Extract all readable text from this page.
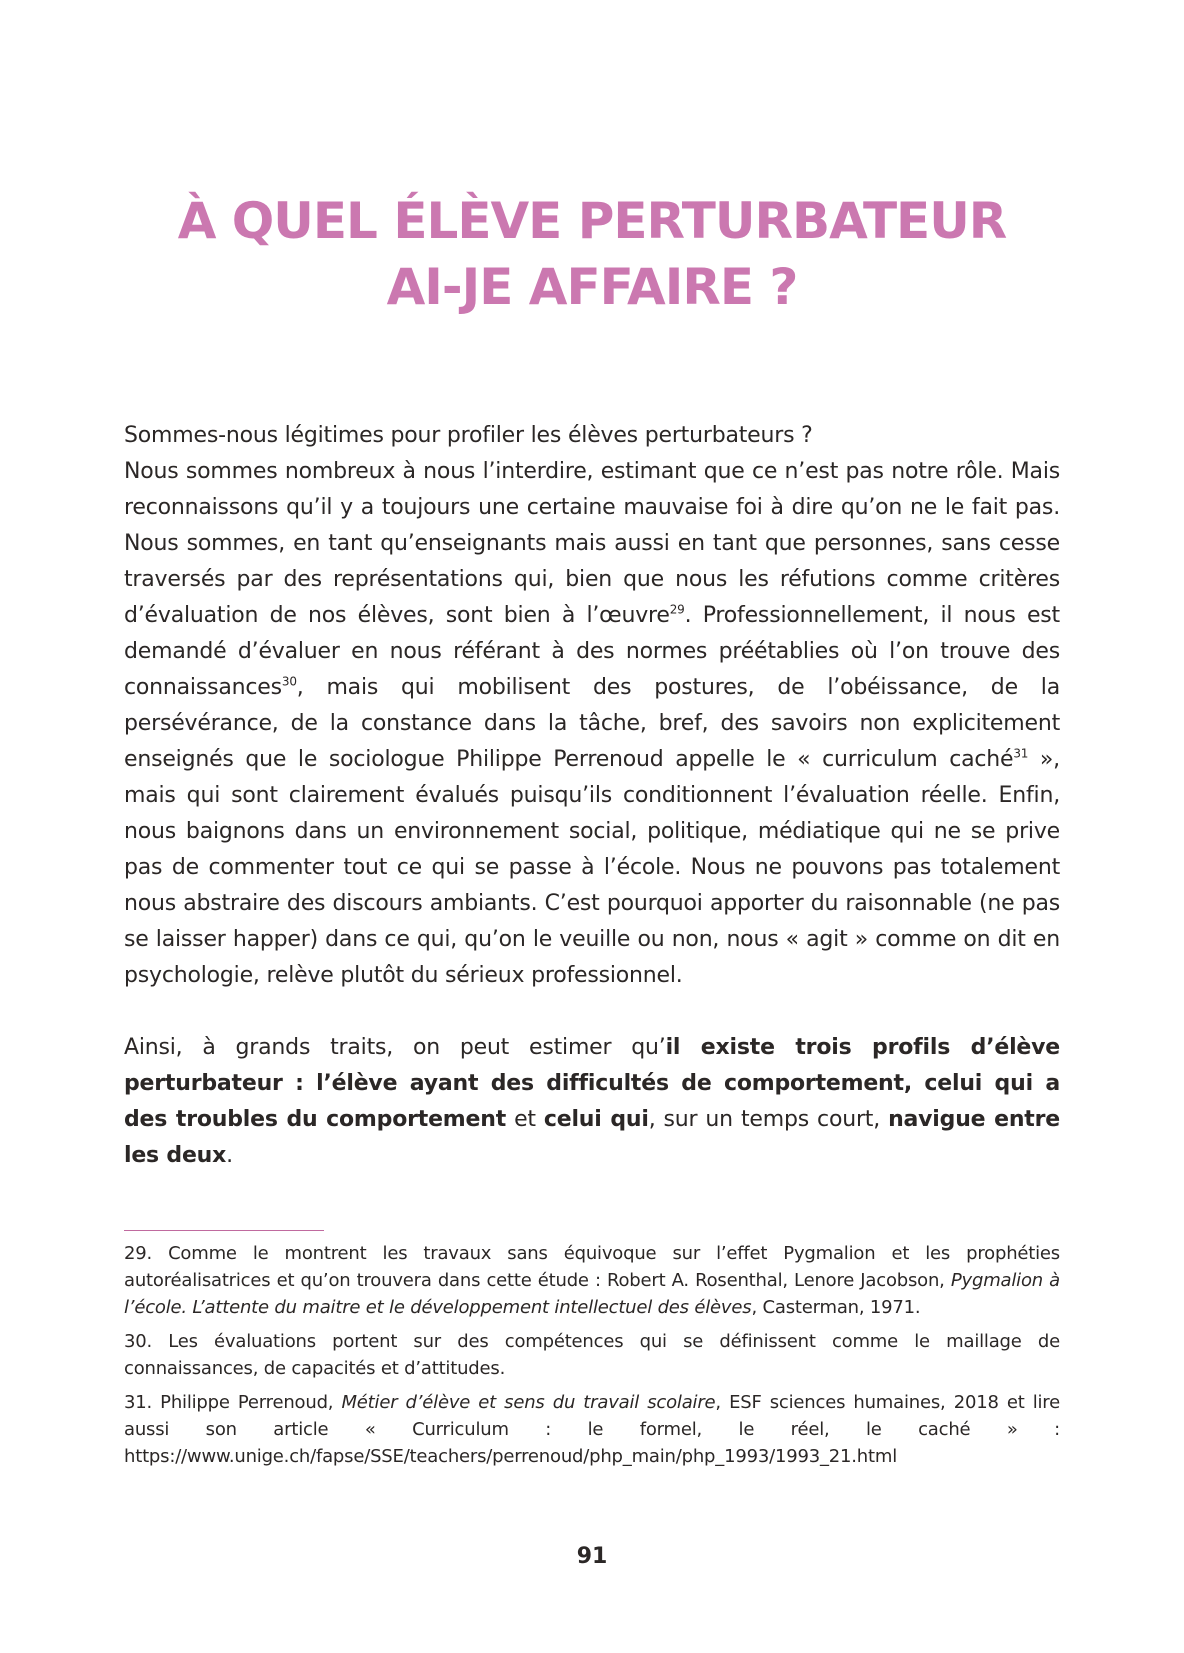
À QUEL ÉLÈVE PERTURBATEUR
AI-JE AFFAIRE ?

Sommes-nous légitimes pour profiler les élèves perturbateurs ?
Nous sommes nombreux à nous l’interdire, estimant que ce n’est pas notre rôle. Mais reconnaissons qu’il y a toujours une certaine mauvaise foi à dire qu’on ne le fait pas. Nous sommes, en tant qu’enseignants mais aussi en tant que personnes, sans cesse traversés par des représentations qui, bien que nous les réfutions comme critères d’évaluation de nos élèves, sont bien à l’œuvre$^{29}$. Professionnellement, il nous est demandé d’évaluer en nous référant à des normes préétablies où l’on trouve des connaissances$^{30}$, mais qui mobilisent des postures, de l’obéissance, de la persévérance, de la constance dans la tâche, bref, des savoirs non explicitement enseignés que le sociologue Philippe Perrenoud appelle le « curriculum caché$^{31}$ », mais qui sont clairement évalués puisqu’ils conditionnent l’évaluation réelle. Enfin, nous baignons dans un environnement social, politique, médiatique qui ne se prive pas de commenter tout ce qui se passe à l’école. Nous ne pouvons pas totalement nous abstraire des discours ambiants. C’est pourquoi apporter du raisonnable (ne pas se laisser happer) dans ce qui, qu’on le veuille ou non, nous « agit » comme on dit en psychologie, relève plutôt du sérieux professionnel.

Ainsi, à grands traits, on peut estimer qu’il existe trois profils d’élève perturbateur : l’élève ayant des difficultés de comportement, celui qui a des troubles du comportement et celui qui, sur un temps court, navigue entre les deux.

29. Comme le montrent les travaux sans équivoque sur l’effet Pygmalion et les prophéties autoréalisatrices et qu’on trouvera dans cette étude : Robert A. Rosenthal, Lenore Jacobson, Pygmalion à l’école. L’attente du maitre et le développement intellectuel des élèves, Casterman, 1971.

30. Les évaluations portent sur des compétences qui se définissent comme le maillage de connaissances, de capacités et d’attitudes.

31. Philippe Perrenoud, Métier d’élève et sens du travail scolaire, ESF sciences humaines, 2018 et lire aussi son article « Curriculum : le formel, le réel, le caché » : https://www.unige.ch/fapse/SSE/teachers/perrenoud/php_main/php_1993/1993_21.html

91
